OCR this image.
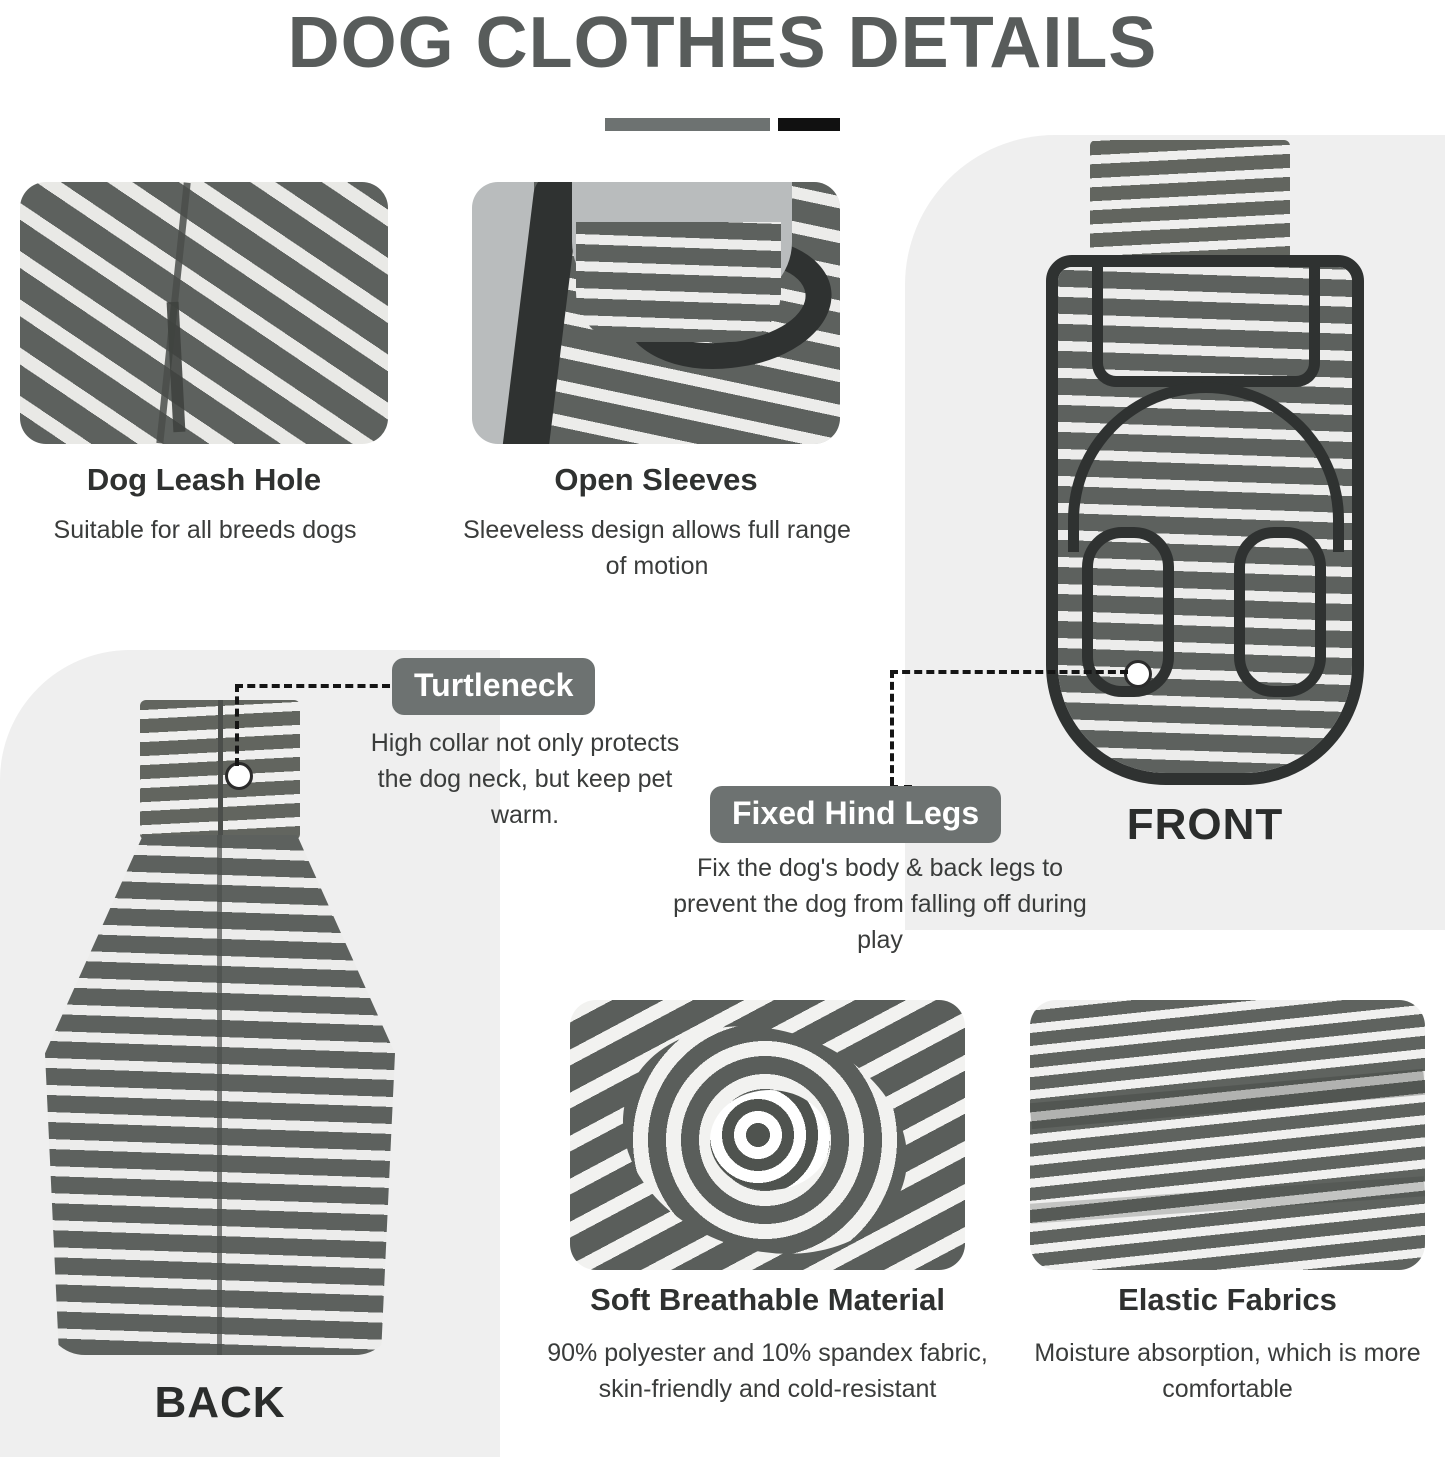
DOG CLOTHES DETAILS
Dog Leash Hole
Suitable for all breeds dogs
Open Sleeves
Sleeveless design allows full range of motion
FRONT
BACK
Turtleneck
High collar not only protects the dog neck, but keep pet warm.	Fixed Hind Legs
Fix the dog's body & back legs to prevent the dog from falling off during play
Soft Breathable Material
90% polyester and 10% spandex fabric, skin-friendly and cold-resistant
Elastic Fabrics
Moisture absorption, which is more comfortable
